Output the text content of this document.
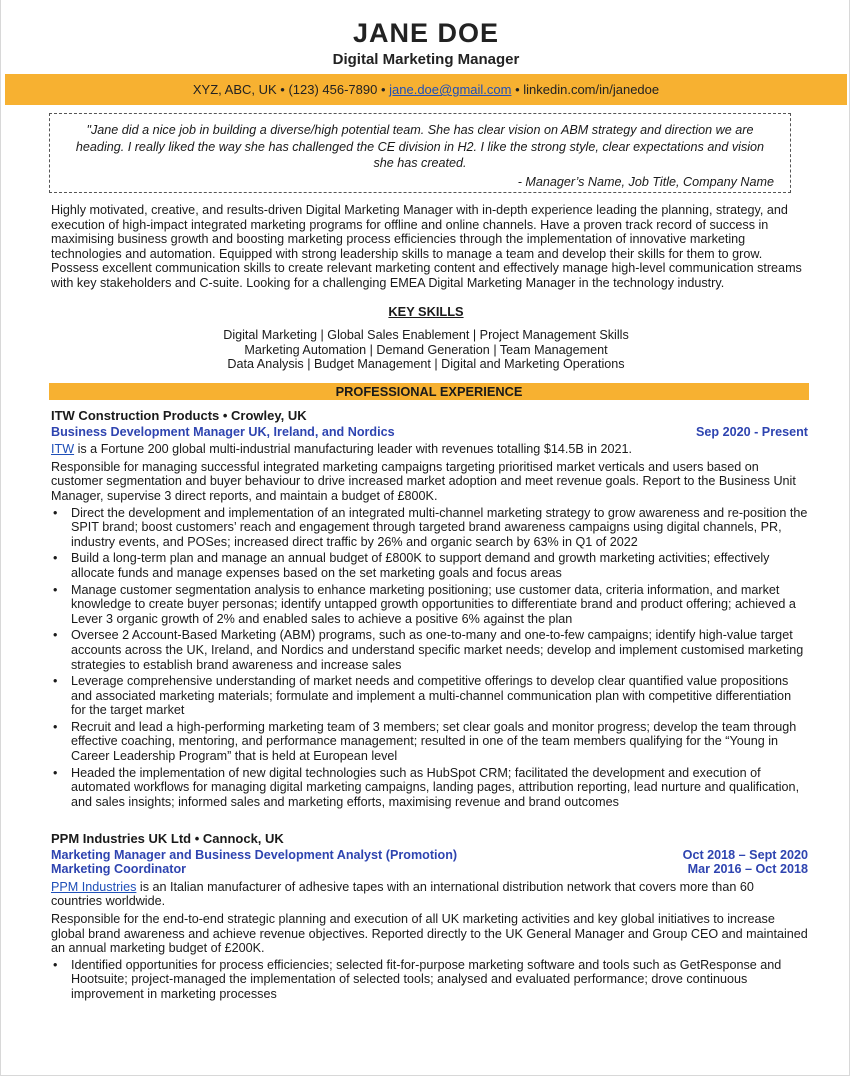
JANE DOE
Digital Marketing Manager
XYZ, ABC, UK • (123) 456-7890 • jane.doe@gmail.com • linkedin.com/in/janedoe
"Jane did a nice job in building a diverse/high potential team. She has clear vision on ABM strategy and direction we are heading. I really liked the way she has challenged the CE division in H2. I like the strong style, clear expectations and vision she has created.
- Manager’s Name, Job Title, Company Name
Highly motivated, creative, and results-driven Digital Marketing Manager with in-depth experience leading the planning, strategy, and execution of high-impact integrated marketing programs for offline and online channels. Have a proven track record of success in maximising business growth and boosting marketing process efficiencies through the implementation of innovative marketing technologies and automation. Equipped with strong leadership skills to manage a team and develop their skills for them to grow. Possess excellent communication skills to create relevant marketing content and effectively manage high-level communication streams with key stakeholders and C-suite. Looking for a challenging EMEA Digital Marketing Manager in the technology industry.
KEY SKILLS
Digital Marketing | Global Sales Enablement | Project Management Skills
Marketing Automation | Demand Generation | Team Management
Data Analysis | Budget Management | Digital and Marketing Operations
PROFESSIONAL EXPERIENCE
ITW Construction Products • Crowley, UK
Business Development Manager UK, Ireland, and Nordics	Sep 2020 - Present

ITW is a Fortune 200 global multi-industrial manufacturing leader with revenues totalling $14.5B in 2021.

Responsible for managing successful integrated marketing campaigns targeting prioritised market verticals and users based on customer segmentation and buyer behaviour to drive increased market adoption and meet revenue goals. Report to the Business Unit Manager, supervise 3 direct reports, and maintain a budget of £800K.

• Direct the development and implementation of an integrated multi-channel marketing strategy to grow awareness and re-position the SPIT brand; boost customers’ reach and engagement through targeted brand awareness campaigns using digital channels, PR, industry events, and POSes; increased direct traffic by 26% and organic search by 63% in Q1 of 2022
• Build a long-term plan and manage an annual budget of £800K to support demand and growth marketing activities; effectively allocate funds and manage expenses based on the set marketing goals and focus areas
• Manage customer segmentation analysis to enhance marketing positioning; use customer data, criteria information, and market knowledge to create buyer personas; identify untapped growth opportunities to differentiate brand and product offering; achieved a Lever 3 organic growth of 2% and enabled sales to achieve a positive 6% against the plan
• Oversee 2 Account-Based Marketing (ABM) programs, such as one-to-many and one-to-few campaigns; identify high-value target accounts across the UK, Ireland, and Nordics and understand specific market needs; develop and implement customised marketing strategies to establish brand awareness and increase sales
• Leverage comprehensive understanding of market needs and competitive offerings to develop clear quantified value propositions and associated marketing materials; formulate and implement a multi-channel communication plan with competitive differentiation for the target market
• Recruit and lead a high-performing marketing team of 3 members; set clear goals and monitor progress; develop the team through effective coaching, mentoring, and performance management; resulted in one of the team members qualifying for the “Young in Career Leadership Program” that is held at European level
• Headed the implementation of new digital technologies such as HubSpot CRM; facilitated the development and execution of automated workflows for managing digital marketing campaigns, landing pages, attribution reporting, lead nurture and qualification, and sales insights; informed sales and marketing efforts, maximising revenue and brand outcomes
PPM Industries UK Ltd • Cannock, UK
Marketing Manager and Business Development Analyst (Promotion)	Oct 2018 – Sept 2020
Marketing Coordinator	Mar 2016 – Oct 2018

PPM Industries is an Italian manufacturer of adhesive tapes with an international distribution network that covers more than 60 countries worldwide.

Responsible for the end-to-end strategic planning and execution of all UK marketing activities and key global initiatives to increase global brand awareness and achieve revenue objectives. Reported directly to the UK General Manager and Group CEO and maintained an annual marketing budget of £200K.

• Identified opportunities for process efficiencies; selected fit-for-purpose marketing software and tools such as GetResponse and Hootsuite; project-managed the implementation of selected tools; analysed and evaluated performance; drove continuous improvement in marketing processes
